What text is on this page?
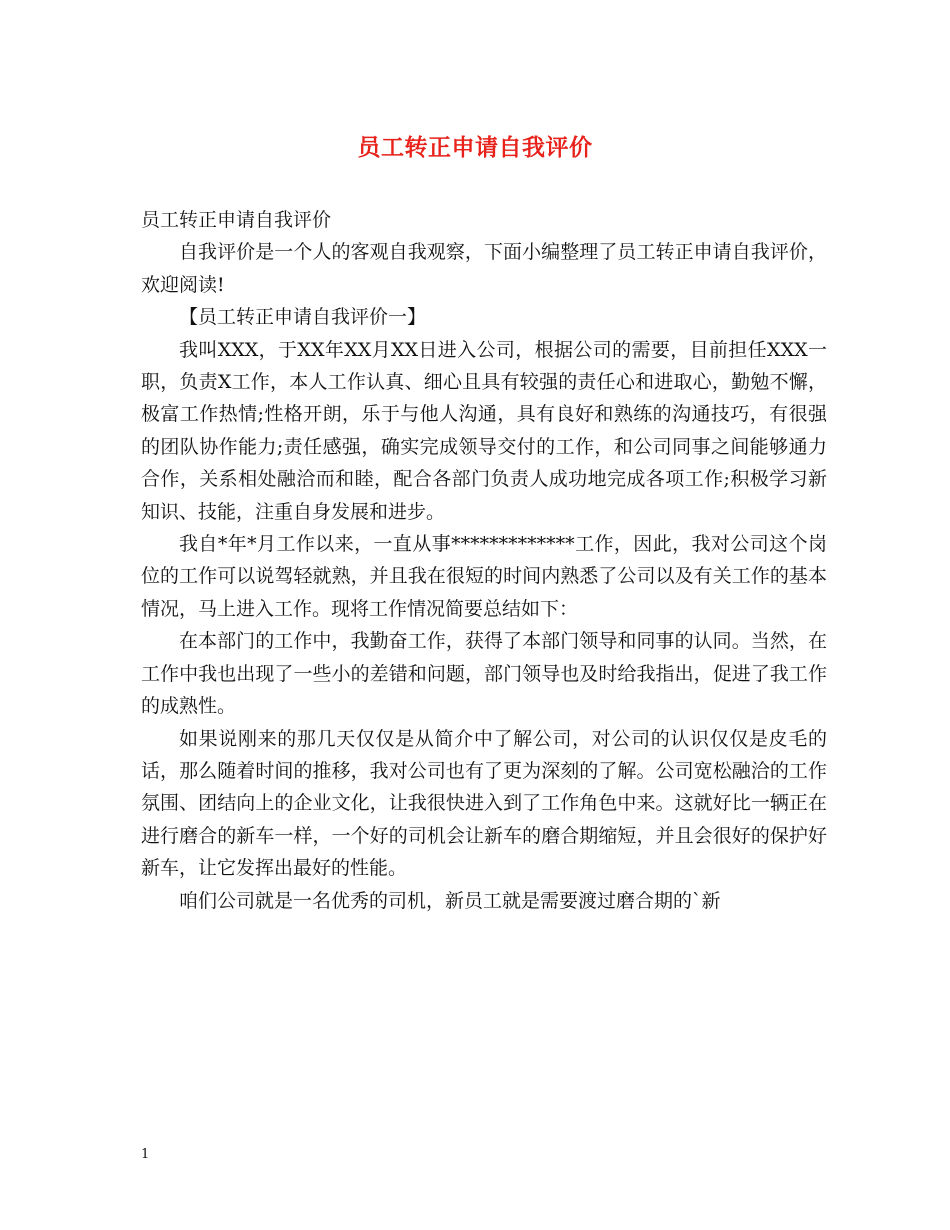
员工转正申请自我评价

员工转正申请自我评价

自我评价是一个人的客观自我观察，下面小编整理了员工转正申请自我评价，欢迎阅读!

【员工转正申请自我评价一】

我叫XXX，于XX年XX月XX日进入公司，根据公司的需要，目前担任XXX一职，负责X工作，本人工作认真、细心且具有较强的责任心和进取心，勤勉不懈，极富工作热情;性格开朗，乐于与他人沟通，具有良好和熟练的沟通技巧，有很强的团队协作能力;责任感强，确实完成领导交付的工作，和公司同事之间能够通力合作，关系相处融洽而和睦，配合各部门负责人成功地完成各项工作;积极学习新知识、技能，注重自身发展和进步。

我自*年*月工作以来，一直从事*************工作，因此，我对公司这个岗位的工作可以说驾轻就熟，并且我在很短的时间内熟悉了公司以及有关工作的基本情况，马上进入工作。现将工作情况简要总结如下：

在本部门的工作中，我勤奋工作，获得了本部门领导和同事的认同。当然，在工作中我也出现了一些小的差错和问题，部门领导也及时给我指出，促进了我工作的成熟性。

如果说刚来的那几天仅仅是从简介中了解公司，对公司的认识仅仅是皮毛的话，那么随着时间的推移，我对公司也有了更为深刻的了解。公司宽松融洽的工作氛围、团结向上的企业文化，让我很快进入到了工作角色中来。这就好比一辆正在进行磨合的新车一样，一个好的司机会让新车的磨合期缩短，并且会很好的保护好新车，让它发挥出最好的性能。

咱们公司就是一名优秀的司机，新员工就是需要渡过磨合期的`新

1
